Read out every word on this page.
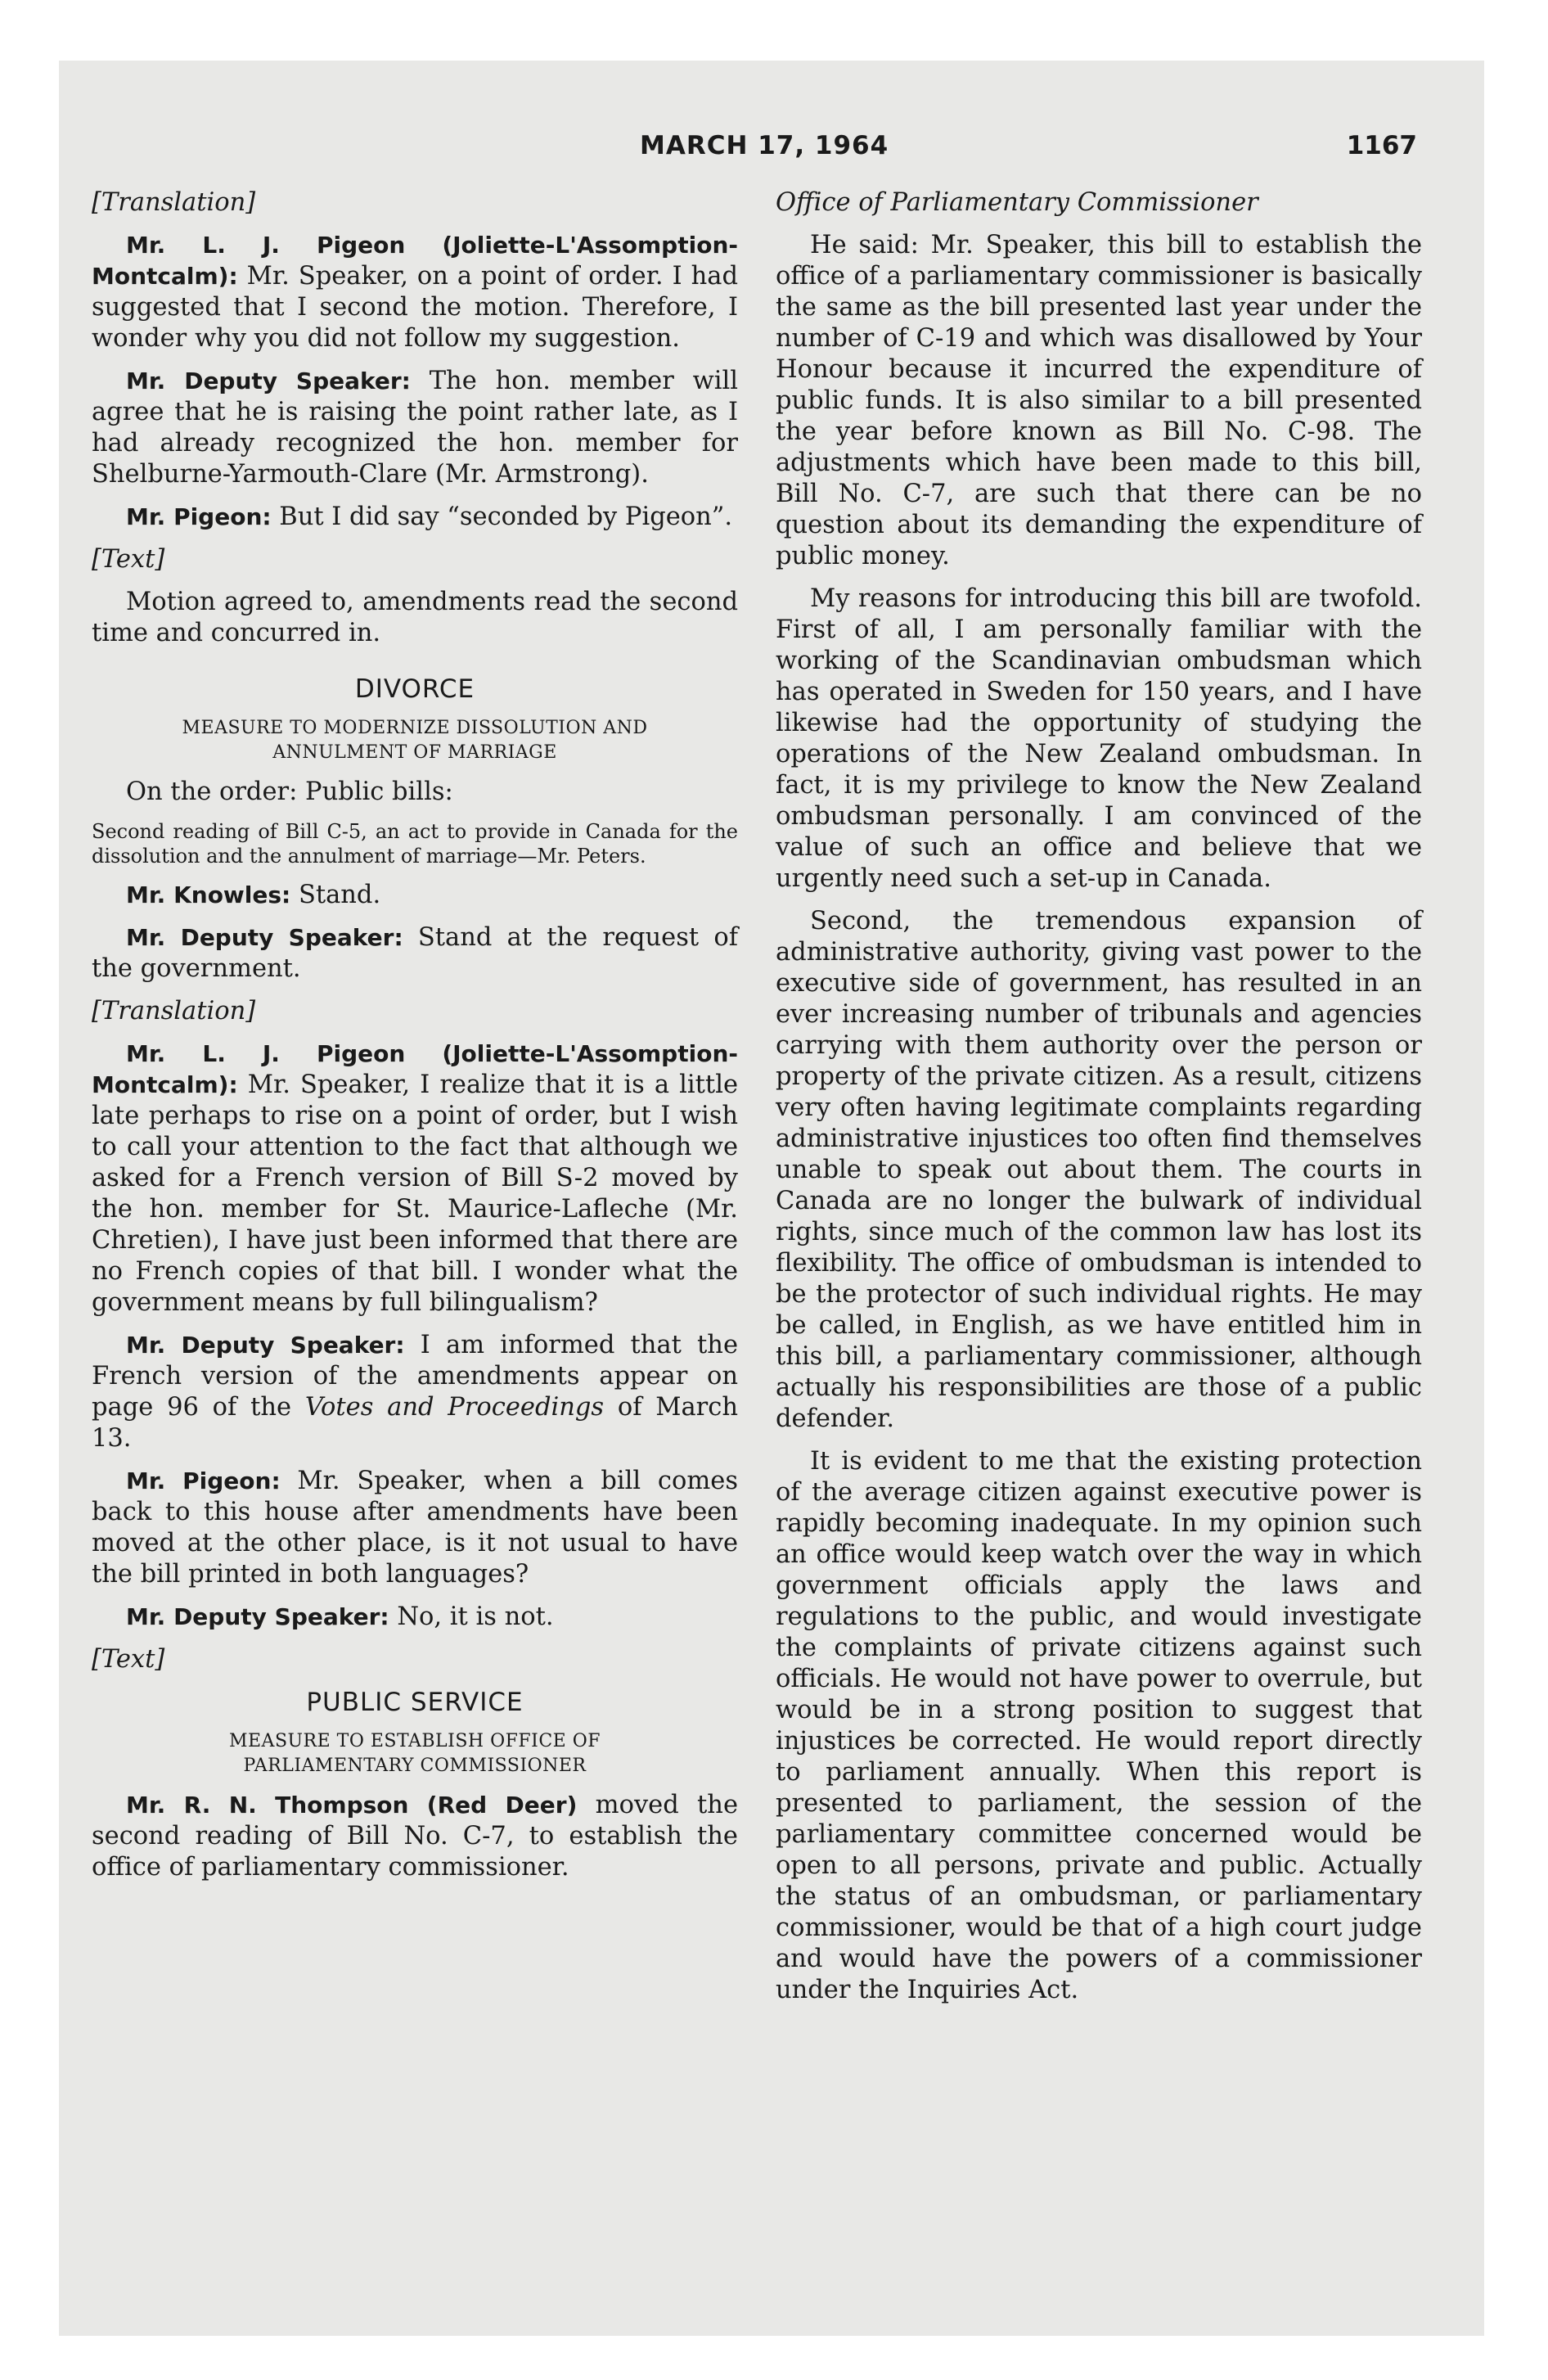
MARCH 17, 1964	1167

[Translation]

Mr. L. J. Pigeon (Joliette-L'Assomption-Montcalm): Mr. Speaker, on a point of order. I had suggested that I second the motion. Therefore, I wonder why you did not follow my suggestion.

Mr. Deputy Speaker: The hon. member will agree that he is raising the point rather late, as I had already recognized the hon. member for Shelburne-Yarmouth-Clare (Mr. Armstrong).

Mr. Pigeon: But I did say “seconded by Pigeon”.

[Text]

Motion agreed to, amendments read the second time and concurred in.

DIVORCE
MEASURE TO MODERNIZE DISSOLUTION AND ANNULMENT OF MARRIAGE

On the order: Public bills:

Second reading of Bill C-5, an act to provide in Canada for the dissolution and the annulment of marriage—Mr. Peters.

Mr. Knowles: Stand.

Mr. Deputy Speaker: Stand at the request of the government.

[Translation]

Mr. L. J. Pigeon (Joliette-L'Assomption-Montcalm): Mr. Speaker, I realize that it is a little late perhaps to rise on a point of order, but I wish to call your attention to the fact that although we asked for a French version of Bill S-2 moved by the hon. member for St. Maurice-Lafleche (Mr. Chretien), I have just been informed that there are no French copies of that bill. I wonder what the government means by full bilingualism?

Mr. Deputy Speaker: I am informed that the French version of the amendments appear on page 96 of the Votes and Proceedings of March 13.

Mr. Pigeon: Mr. Speaker, when a bill comes back to this house after amendments have been moved at the other place, is it not usual to have the bill printed in both languages?

Mr. Deputy Speaker: No, it is not.

[Text]

PUBLIC SERVICE
MEASURE TO ESTABLISH OFFICE OF PARLIAMENTARY COMMISSIONER

Mr. R. N. Thompson (Red Deer) moved the second reading of Bill No. C-7, to establish the office of parliamentary commissioner.

Office of Parliamentary Commissioner

He said: Mr. Speaker, this bill to establish the office of a parliamentary commissioner is basically the same as the bill presented last year under the number of C-19 and which was disallowed by Your Honour because it incurred the expenditure of public funds. It is also similar to a bill presented the year before known as Bill No. C-98. The adjustments which have been made to this bill, Bill No. C-7, are such that there can be no question about its demanding the expenditure of public money.

My reasons for introducing this bill are twofold. First of all, I am personally familiar with the working of the Scandinavian ombudsman which has operated in Sweden for 150 years, and I have likewise had the opportunity of studying the operations of the New Zealand ombudsman. In fact, it is my privilege to know the New Zealand ombudsman personally. I am convinced of the value of such an office and believe that we urgently need such a set-up in Canada.

Second, the tremendous expansion of administrative authority, giving vast power to the executive side of government, has resulted in an ever increasing number of tribunals and agencies carrying with them authority over the person or property of the private citizen. As a result, citizens very often having legitimate complaints regarding administrative injustices too often find themselves unable to speak out about them. The courts in Canada are no longer the bulwark of individual rights, since much of the common law has lost its flexibility. The office of ombudsman is intended to be the protector of such individual rights. He may be called, in English, as we have entitled him in this bill, a parliamentary commissioner, although actually his responsibilities are those of a public defender.

It is evident to me that the existing protection of the average citizen against executive power is rapidly becoming inadequate. In my opinion such an office would keep watch over the way in which government officials apply the laws and regulations to the public, and would investigate the complaints of private citizens against such officials. He would not have power to overrule, but would be in a strong position to suggest that injustices be corrected. He would report directly to parliament annually. When this report is presented to parliament, the session of the parliamentary committee concerned would be open to all persons, private and public. Actually the status of an ombudsman, or parliamentary commissioner, would be that of a high court judge and would have the powers of a commissioner under the Inquiries Act.
